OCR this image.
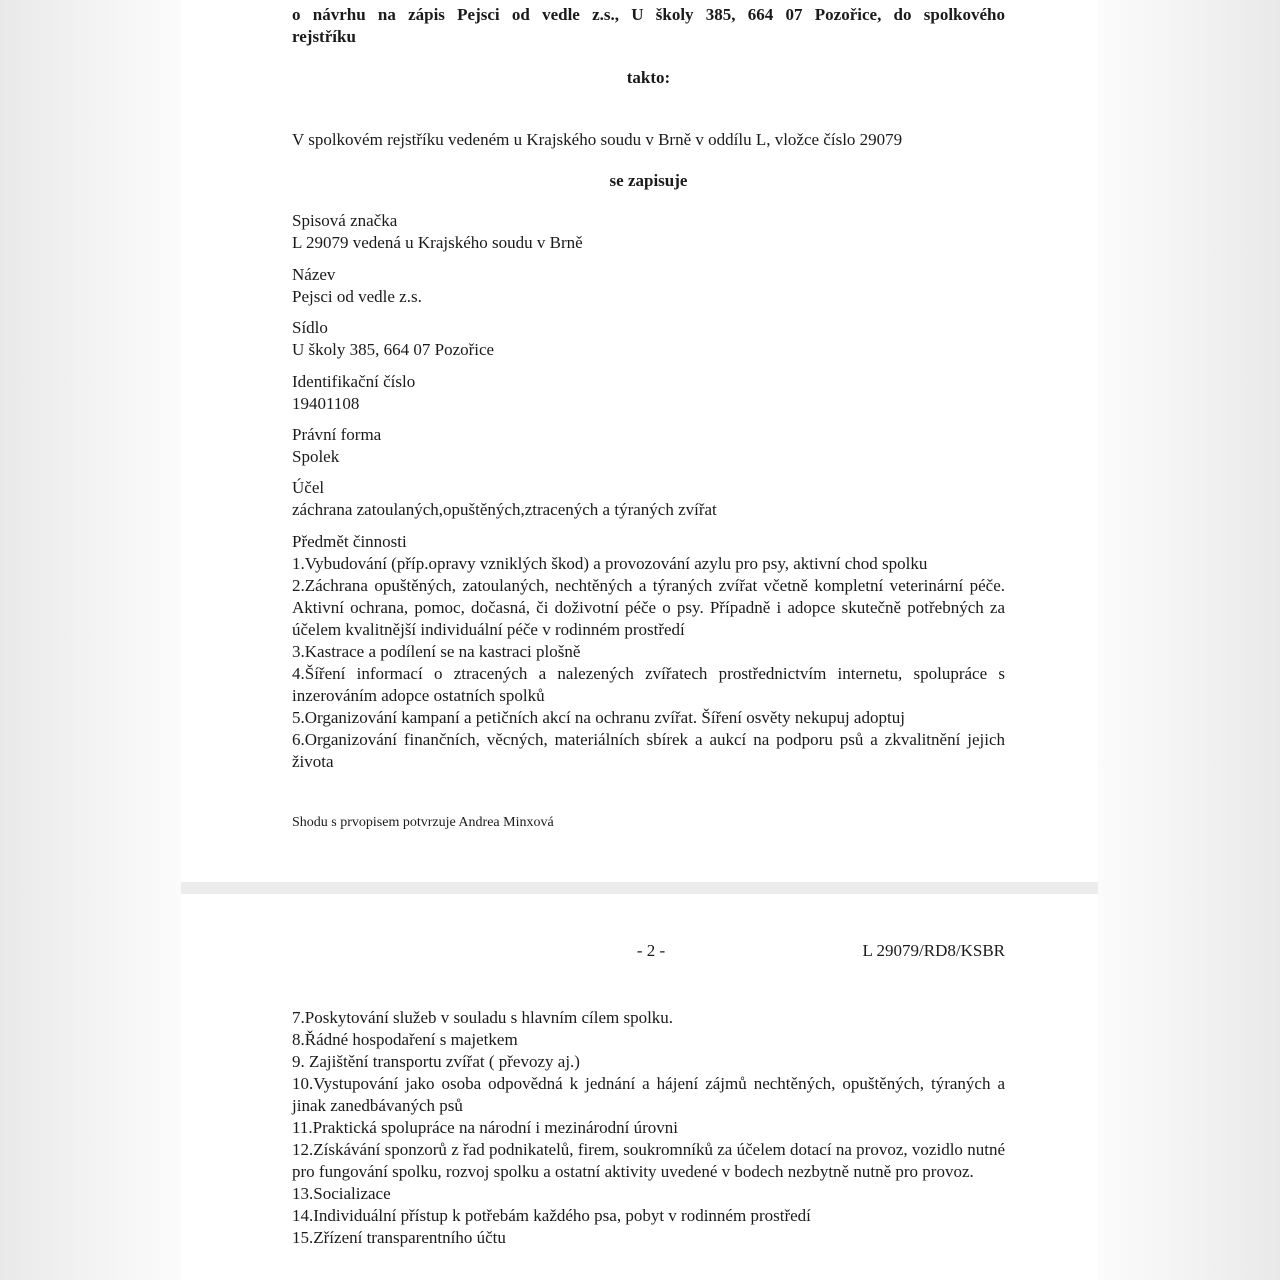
o návrhu na zápis Pejsci od vedle z.s., U školy 385, 664 07 Pozořice, do spolkového
rejstříku
takto:
V spolkovém rejstříku vedeném u Krajského soudu v Brně v oddílu L, vložce číslo 29079
se zapisuje
Spisová značka
L 29079 vedená u Krajského soudu v Brně
Název
Pejsci od vedle z.s.
Sídlo
U školy 385, 664 07 Pozořice
Identifikační číslo
19401108
Právní forma
Spolek
Účel
záchrana zatoulaných,opuštěných,ztracených a týraných zvířat
Předmět činnosti
1.Vybudování (příp.opravy vzniklých škod) a provozování azylu pro psy, aktivní chod spolku
2.Záchrana opuštěných, zatoulaných, nechtěných a týraných zvířat včetně kompletní veterinární péče. Aktivní ochrana, pomoc, dočasná, či doživotní péče o psy. Případně i adopce skutečně potřebných za účelem kvalitnější individuální péče v rodinném prostředí
3.Kastrace a podílení se na kastraci plošně
4.Šíření informací o ztracených a nalezených zvířatech prostřednictvím internetu, spolupráce s inzerováním adopce ostatních spolků
5.Organizování kampaní a petičních akcí na ochranu zvířat. Šíření osvěty nekupuj adoptuj
6.Organizování finančních, věcných, materiálních sbírek a aukcí na podporu psů a zkvalitnění jejich života
Shodu s prvopisem potvrzuje Andrea Minxová
- 2 -	L 29079/RD8/KSBR
7.Poskytování služeb v souladu s hlavním cílem spolku.
8.Řádné hospodaření s majetkem
9. Zajištění transportu zvířat ( převozy aj.)
10.Vystupování jako osoba odpovědná k jednání a hájení zájmů nechtěných, opuštěných, týraných a jinak zanedbávaných psů
11.Praktická spolupráce na národní i mezinárodní úrovni
12.Získávání sponzorů z řad podnikatelů, firem, soukromníků za účelem dotací na provoz, vozidlo nutné pro fungování spolku, rozvoj spolku a ostatní aktivity uvedené v bodech nezbytně nutně pro provoz.
13.Socializace
14.Individuální přístup k potřebám každého psa, pobyt v rodinném prostředí
15.Zřízení transparentního účtu
